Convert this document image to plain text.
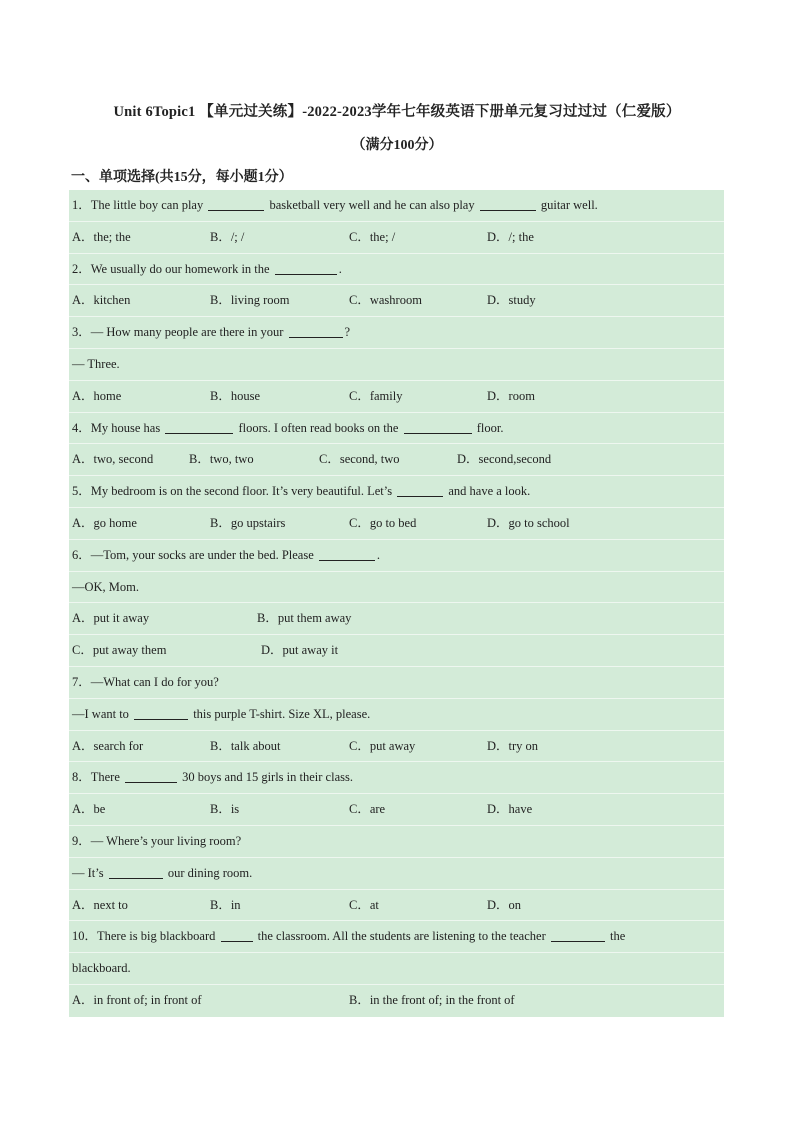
Unit 6Topic1 【单元过关练】-2022-2023学年七年级英语下册单元复习过过过（仁爱版）
（满分100分）
一、单项选择(共15分，每小题1分）
1．The little boy can play	basketball very well and he can also play	guitar well.
A．the; the	B．/; /	C．the; /	D．/; the
2．We usually do our homework in the	.
A．kitchen	B．living room	C．washroom	D．study
3．— How many people are there in your	?
— Three.
A．home	B．house	C．family	D．room
4．My house has	floors. I often read books on the	floor.
A．two, second	B．two, two	C．second, two	D．second,second
5．My bedroom is on the second floor. It’s very beautiful. Let’s	and have a look.
A．go home	B．go upstairs	C．go to bed	D．go to school
6．—Tom, your socks are under the bed. Please	.
—OK, Mom.
A．put it away	B．put them away
C．put away them	D．put away it
7．—What can I do for you?
—I want to	this purple T-shirt. Size XL, please.
A．search for	B．talk about	C．put away	D．try on
8．There	30 boys and 15 girls in their class.
A．be	B．is	C．are	D．have
9．— Where’s your living room?
— It’s	our dining room.
A．next to	B．in	C．at	D．on
10．There is big blackboard	the classroom. All the students are listening to the teacher	the
blackboard.
A．in front of; in front of	B．in the front of; in the front of
